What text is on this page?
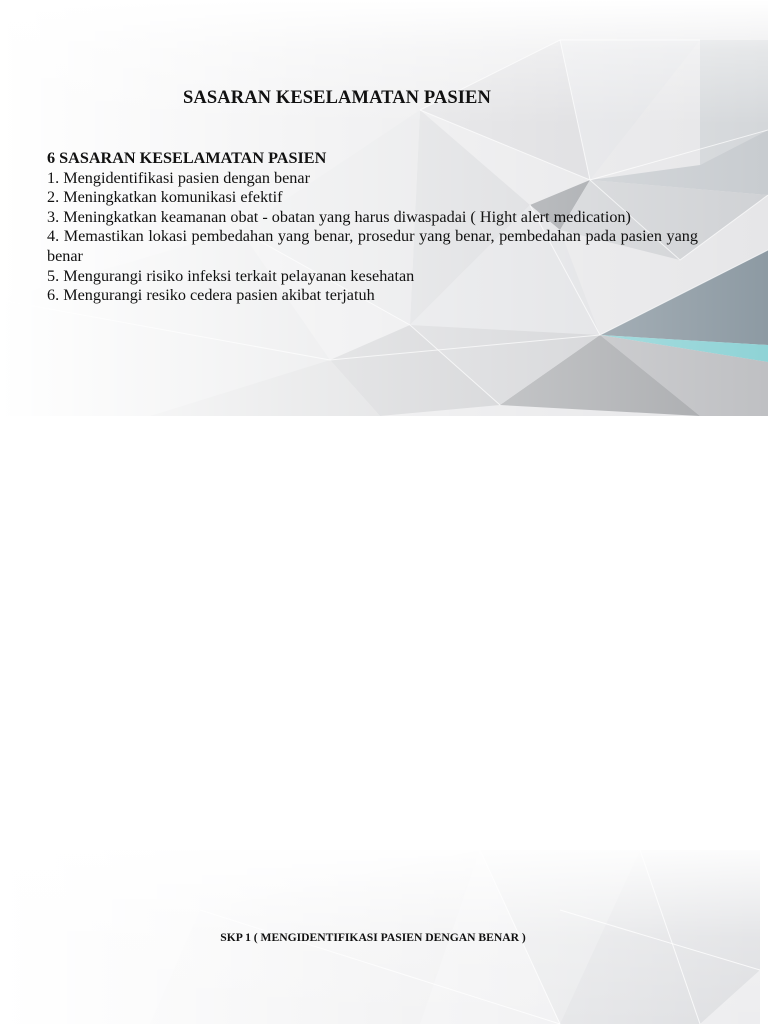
SASARAN KESELAMATAN PASIEN
6 SASARAN KESELAMATAN PASIEN
1. Mengidentifikasi pasien dengan benar
2. Meningkatkan komunikasi efektif
3. Meningkatkan keamanan obat - obatan yang harus diwaspadai ( Hight alert medication)
4. Memastikan lokasi pembedahan yang benar, prosedur yang benar, pembedahan pada pasien yang benar
5. Mengurangi risiko infeksi terkait pelayanan kesehatan
6. Mengurangi resiko cedera pasien akibat terjatuh
SKP 1 ( MENGIDENTIFIKASI PASIEN DENGAN BENAR )
